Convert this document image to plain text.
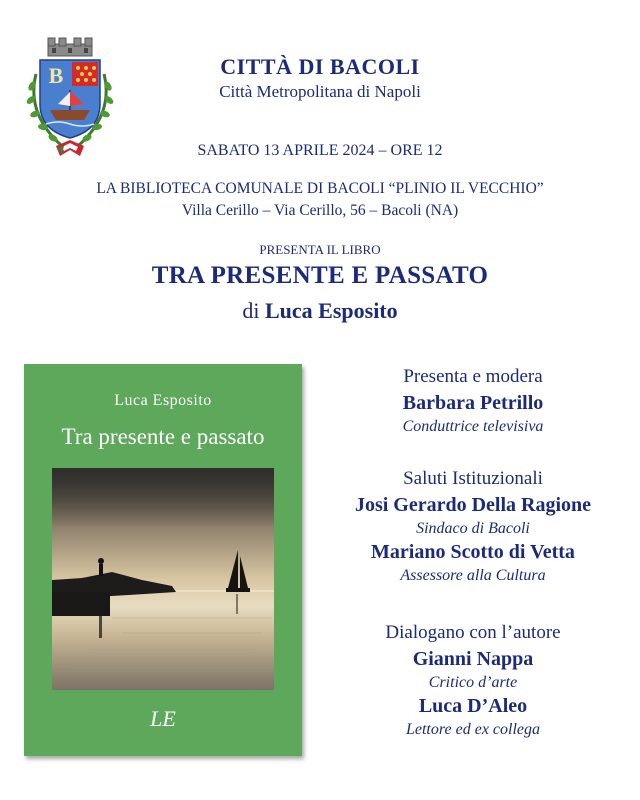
B	CITTÀ DI BACOLI
Città Metropolitana di Napoli
SABATO 13 APRILE 2024 – ORE 12
LA BIBLIOTECA COMUNALE DI BACOLI “PLINIO IL VECCHIO”
Villa Cerillo – Via Cerillo, 56 – Bacoli (NA)
PRESENTA IL LIBRO
TRA PRESENTE E PASSATO
di Luca Esposito
Luca Esposito
Tra presente e passato
LE
Presenta e modera
Barbara Petrillo
Conduttrice televisiva
Saluti Istituzionali
Josi Gerardo Della Ragione
Sindaco di Bacoli
Mariano Scotto di Vetta
Assessore alla Cultura
Dialogano con l’autore
Gianni Nappa
Critico d’arte
Luca D’Aleo
Lettore ed ex collega
